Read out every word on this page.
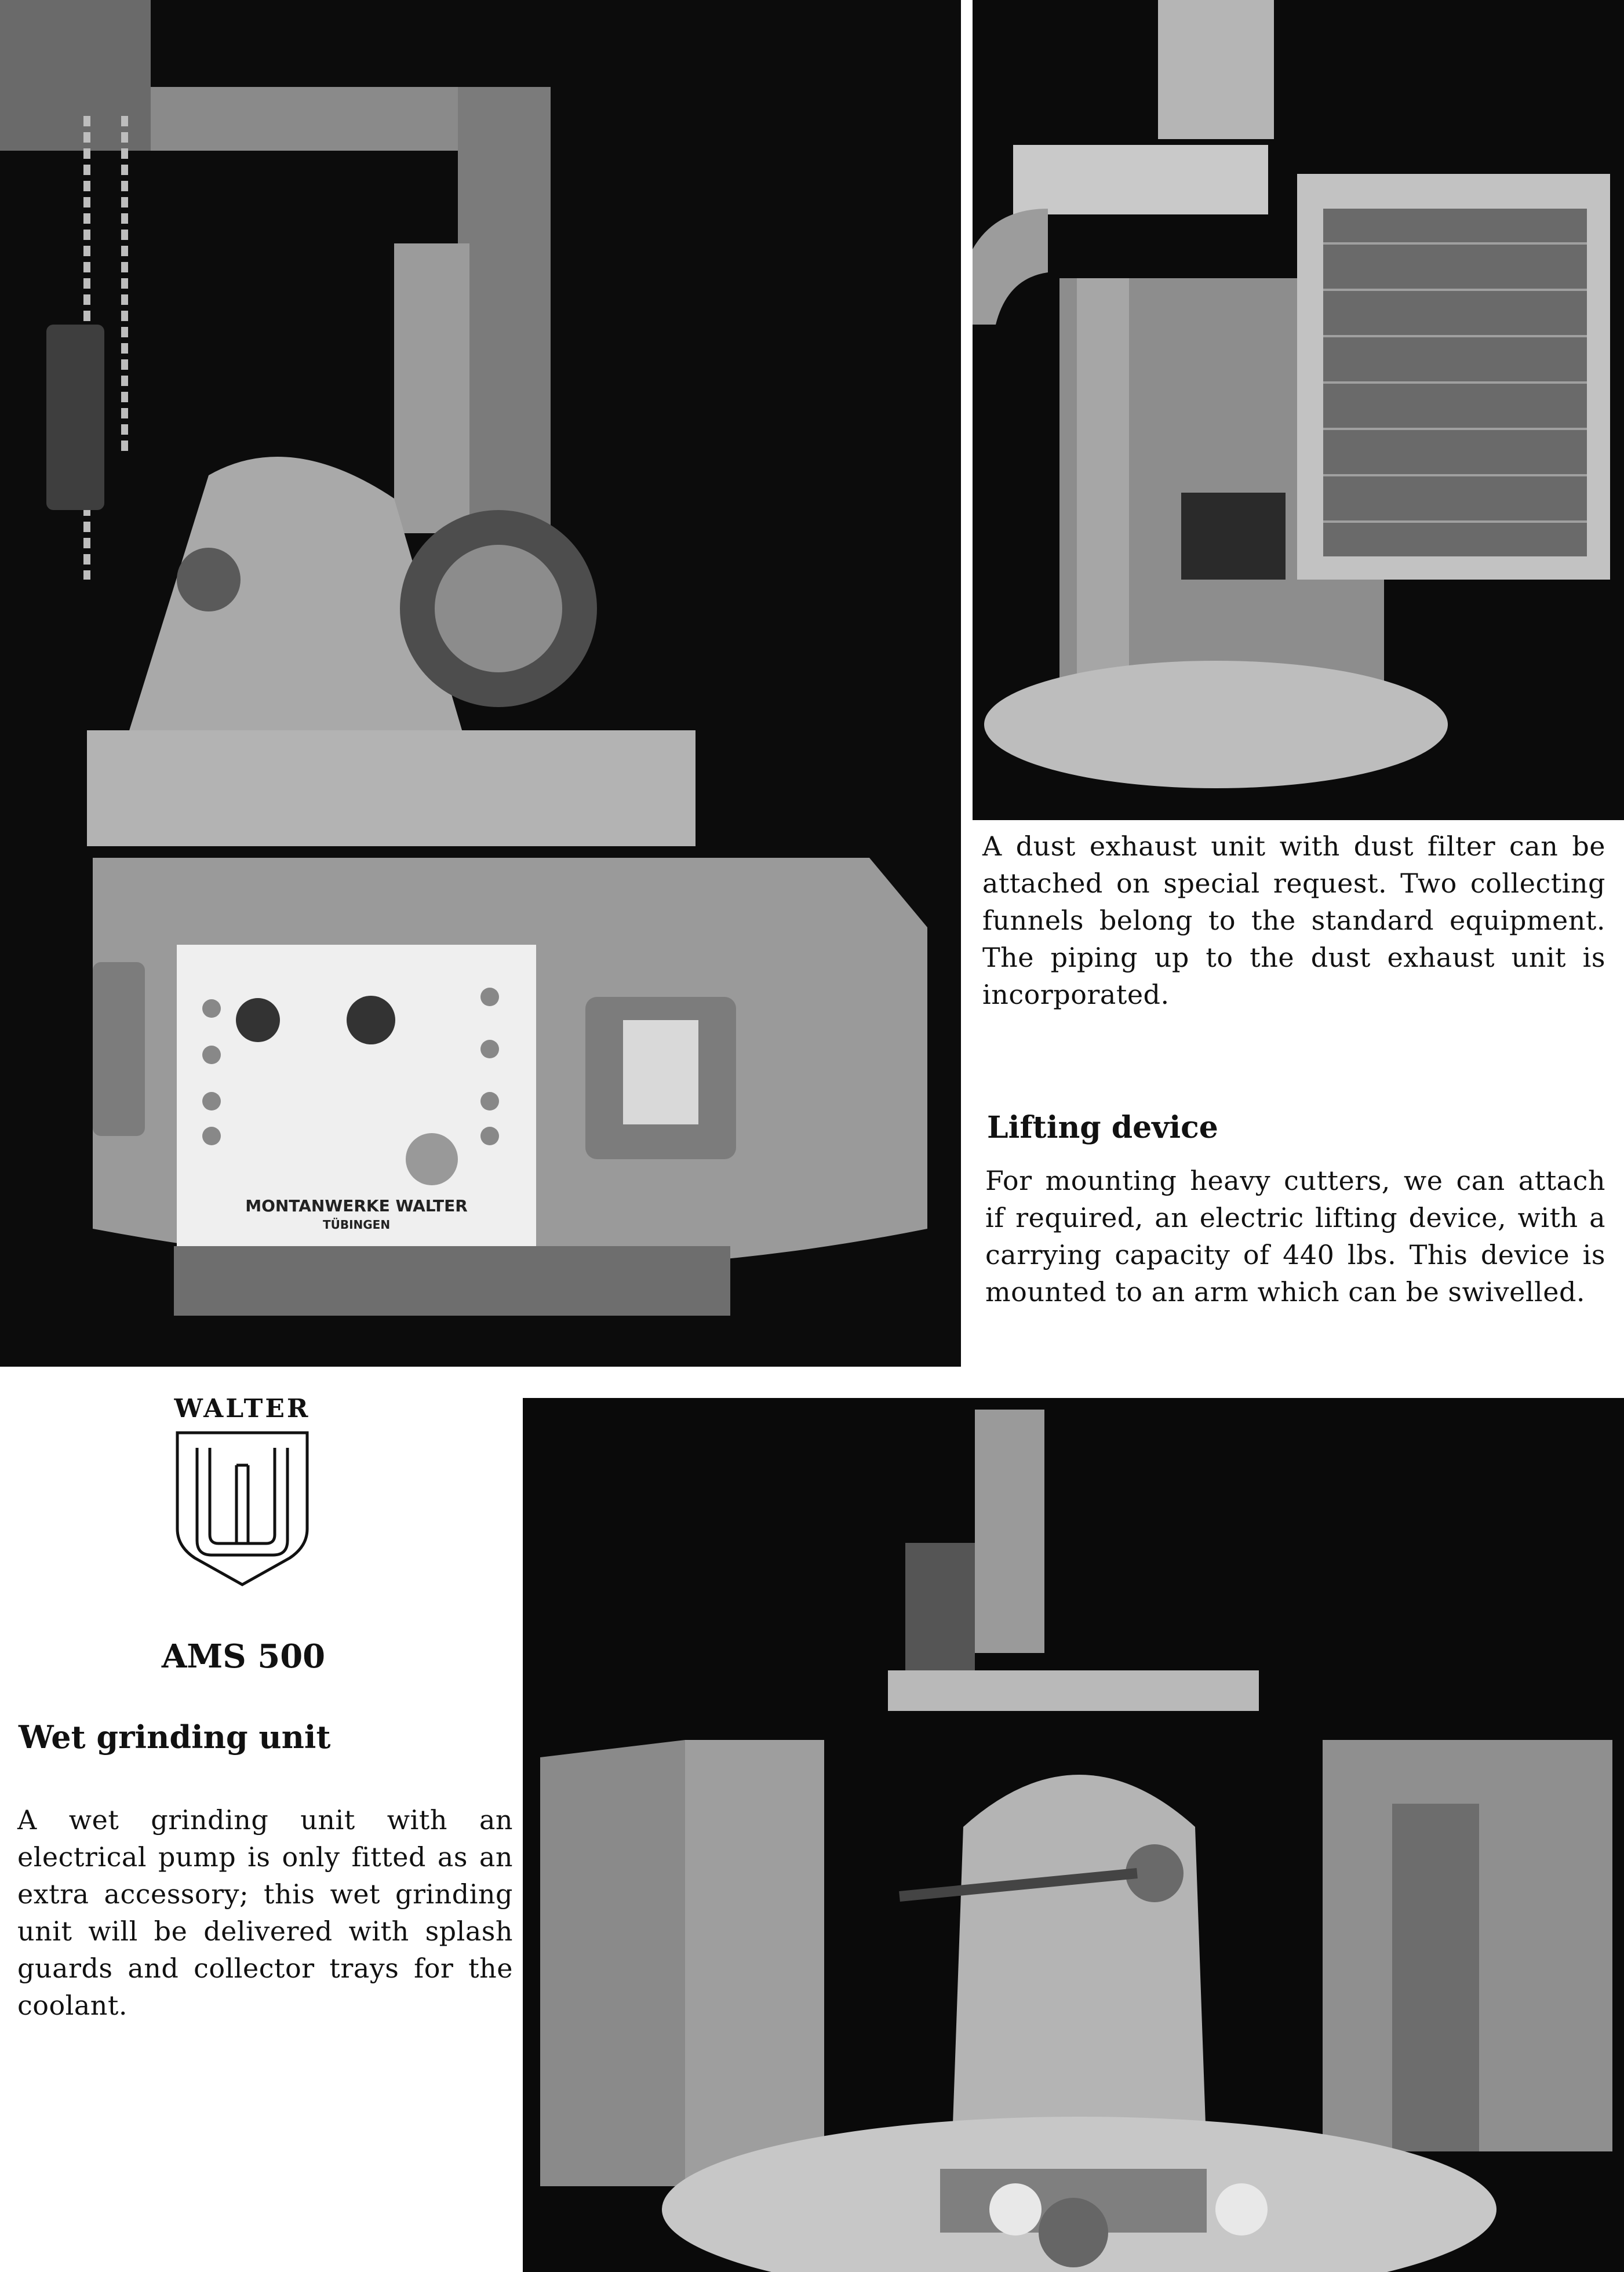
MONTANWERKE WALTER
TÜBINGEN
A dust exhaust unit with dust filter can be attached on special request. Two collecting funnels belong to the standard equipment. The piping up to the dust exhaust unit is incorporated.
Lifting device
For mounting heavy cutters, we can attach if required, an electric lifting device, with a carrying capacity of 440 lbs. This device is mounted to an arm which can be swivelled.
WALTER
AMS 500
Wet grinding unit
A wet grinding unit with an electrical pump is only fitted as an extra accessory; this wet grinding unit will be delivered with splash guards and collector trays for the coolant.
